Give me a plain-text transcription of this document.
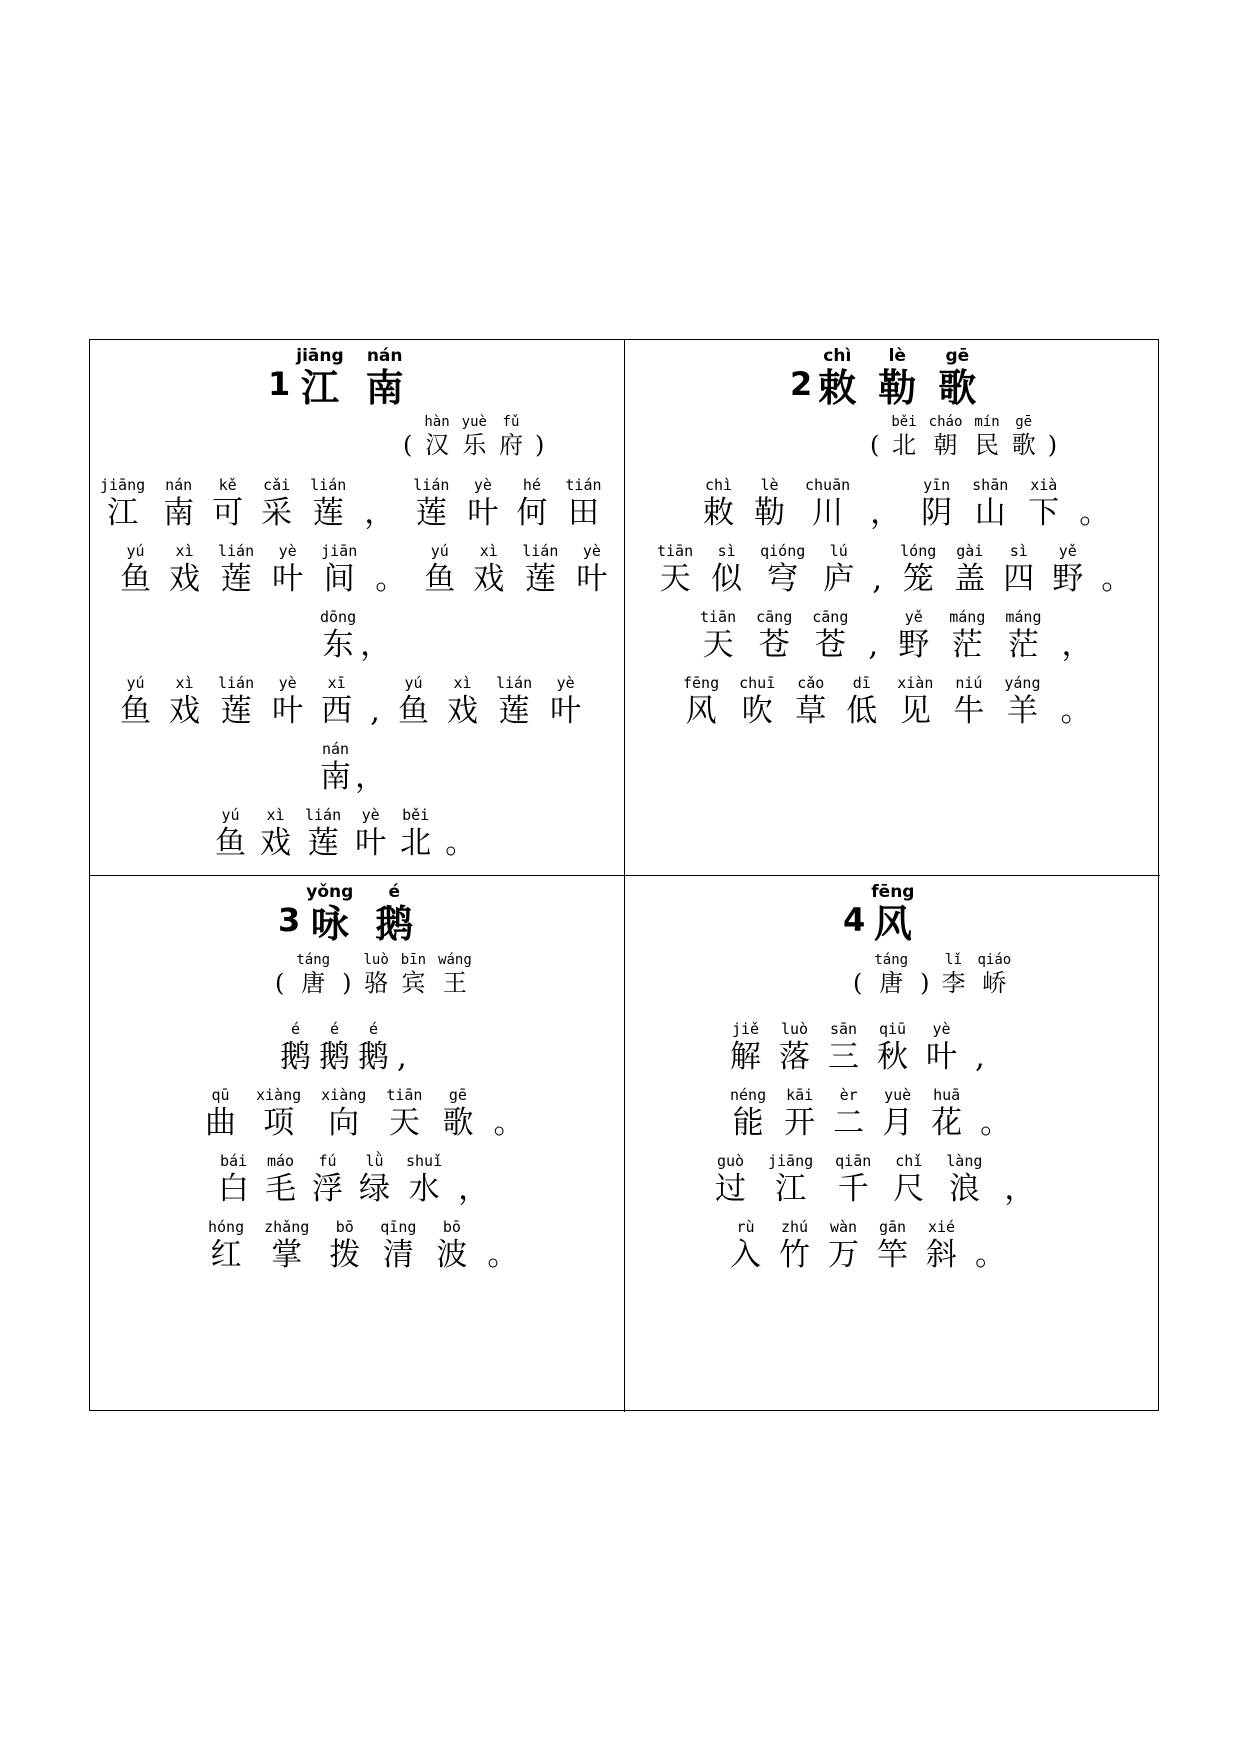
1
jiāng
江
nán
南
(
hàn
汉
yuè
乐
fǔ
府 )
jiāng
江
nán
南
kě
可
cǎi
采
lián
莲 ，
lián
莲
yè
叶
hé
何
tián
田
yú
鱼
xì
戏
lián
莲
yè
叶
jiān
间 。
yú
鱼
xì
戏
lián
莲
yè
叶
dōng
东 ，
yú
鱼
xì
戏
lián
莲
yè
叶
xī
西 ,
yú
鱼
xì
戏
lián
莲
yè
叶
nán
南 ，
yú
鱼
xì
戏
lián
莲
yè
叶
běi
北 。
2
chì
敕
lè
勒
gē
歌
(
běi
北
cháo
朝
mín
民
gē
歌 )
chì
敕
lè
勒
chuān
川 ，
yīn
阴
shān
山
xià
下 。
tiān
天
sì
似
qióng
穹
lú
庐 ,
lóng
笼
gài
盖
sì
四
yě
野 。
tiān
天
cāng
苍
cāng
苍 ,
yě
野
máng
茫
máng
茫 ，
fēng
风
chuī
吹
cǎo
草
dī
低
xiàn
见
niú
牛
yáng
羊 。
3
yǒng
咏
é
鹅
(
táng
唐 )
luò
骆
bīn
宾
wáng
王
é
鹅
é
鹅
é
鹅 ,
qū
曲
xiàng
项
xiàng
向
tiān
天
gē
歌 。
bái
白
máo
毛
fú
浮
lǜ
绿
shuǐ
水 ，
hóng
红
zhǎng
掌
bō
拨
qīng
清
bō
波 。
4
fēng
风
(
táng
唐 )
lǐ
李
qiáo
峤
jiě
解
luò
落
sān
三
qiū
秋
yè
叶 ,
néng
能
kāi
开
èr
二
yuè
月
huā
花 。
guò
过
jiāng
江
qiān
千
chǐ
尺
làng
浪 ，
rù
入
zhú
竹
wàn
万
gān
竿
xié
斜 。
